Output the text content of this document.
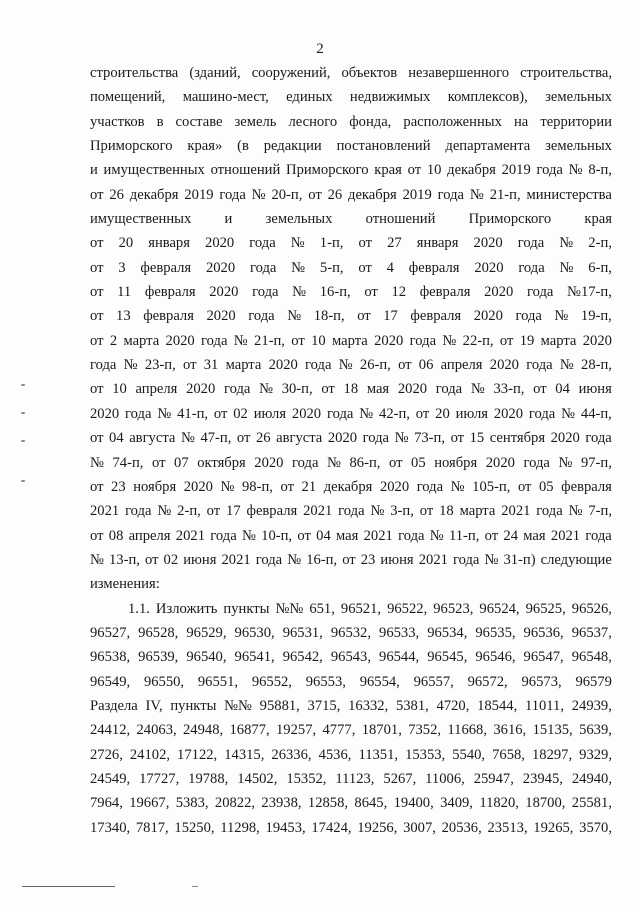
2
строительства (зданий, сооружений, объектов незавершенного строительства,
помещений, машино-мест, единых недвижимых комплексов), земельных
участков в составе земель лесного фонда, расположенных на территории
Приморского края» (в редакции постановлений департамента земельных
и имущественных отношений Приморского края от 10 декабря 2019 года № 8-п,
от 26 декабря 2019 года № 20-п, от 26 декабря 2019 года № 21-п, министерства
имущественных и земельных отношений Приморского края
от 20 января 2020 года № 1-п, от 27 января 2020 года № 2-п,
от 3 февраля 2020 года № 5-п, от 4 февраля 2020 года № 6-п,
от 11 февраля 2020 года № 16-п, от 12 февраля 2020 года №17-п,
от 13 февраля 2020 года № 18-п, от 17 февраля 2020 года № 19-п,
от 2 марта 2020 года № 21-п, от 10 марта 2020 года № 22-п, от 19 марта 2020
года № 23-п, от 31 марта 2020 года № 26-п, от 06 апреля 2020 года № 28-п,
от 10 апреля 2020 года № 30-п, от 18 мая 2020 года № 33-п, от 04 июня
2020 года № 41-п, от 02 июля 2020 года № 42-п, от 20 июля 2020 года № 44-п,
от 04 августа № 47-п, от 26 августа 2020 года № 73-п, от 15 сентября 2020 года
№ 74-п, от 07 октября 2020 года № 86-п, от 05 ноября 2020 года № 97-п,
от 23 ноября 2020 № 98-п, от 21 декабря 2020 года № 105-п, от 05 февраля
2021 года № 2-п, от 17 февраля 2021 года № 3-п, от 18 марта 2021 года № 7-п,
от 08 апреля 2021 года № 10-п, от 04 мая 2021 года № 11-п, от 24 мая 2021 года
№ 13-п, от 02 июня 2021 года № 16-п, от 23 июня 2021 года № 31-п) следующие
изменения:
1.1. Изложить пункты №№ 651, 96521, 96522, 96523, 96524, 96525, 96526,
96527, 96528, 96529, 96530, 96531, 96532, 96533, 96534, 96535, 96536, 96537,
96538, 96539, 96540, 96541, 96542, 96543, 96544, 96545, 96546, 96547, 96548,
96549, 96550, 96551, 96552, 96553, 96554, 96557, 96572, 96573, 96579
Раздела IV, пункты №№ 95881, 3715, 16332, 5381, 4720, 18544, 11011, 24939,
24412, 24063, 24948, 16877, 19257, 4777, 18701, 7352, 11668, 3616, 15135, 5639,
2726, 24102, 17122, 14315, 26336, 4536, 11351, 15353, 5540, 7658, 18297, 9329,
24549, 17727, 19788, 14502, 15352, 11123, 5267, 11006, 25947, 23945, 24940,
7964, 19667, 5383, 20822, 23938, 12858, 8645, 19400, 3409, 11820, 18700, 25581,
17340, 7817, 15250, 11298, 19453, 17424, 19256, 3007, 20536, 23513, 19265, 3570,
